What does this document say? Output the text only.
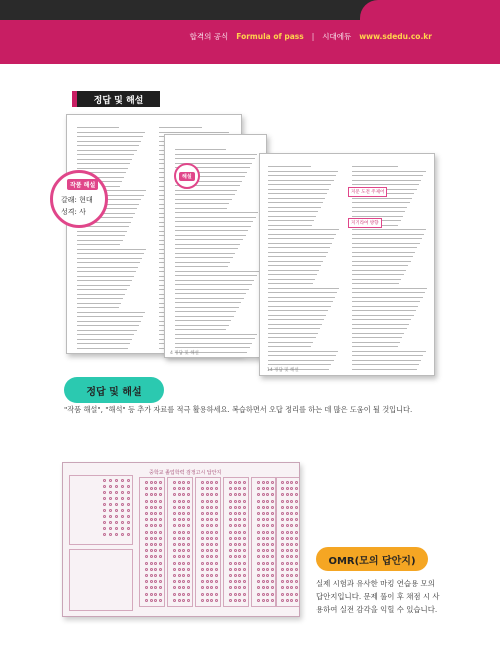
합격의 공식 Formula of pass | 시대에듀 www.sdedu.co.kr
정답 및 해설
작품 해설
갈래: 현대
성격: 사
해설
지문 도전 주제어
지기라여 방향
4 정답 및 해설
14 정답 및 해설
정답 및 해설
"작품 해설", "해석" 등 추가 자료를 적극 활용하세요. 복습하면서 오답 정리를 하는 데 많은 도움이 될 것입니다.
중학교 졸업학력 검정고시 답안지
OMR(모의 답안지)
실제 시험과 유사한 마킹 연습용 모의 답안지입니다. 문제 풀이 후 채점 시 사용하여 실전 감각을 익힐 수 있습니다.
